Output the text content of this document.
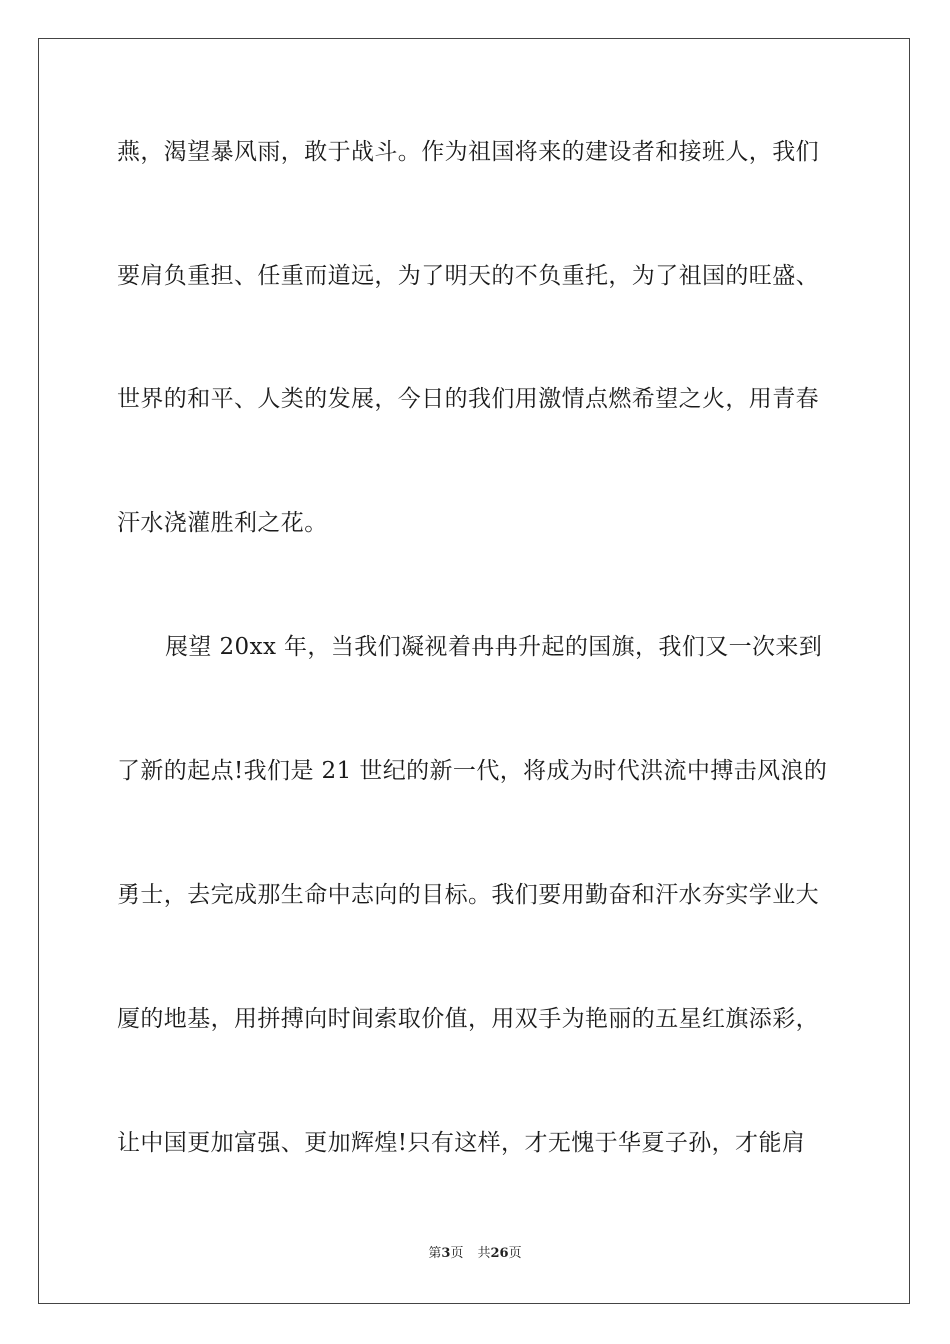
燕，渴望暴风雨，敢于战斗。作为祖国将来的建设者和接班人，我们
要肩负重担、任重而道远，为了明天的不负重托，为了祖国的旺盛、
世界的和平、人类的发展，今日的我们用激情点燃希望之火，用青春
汗水浇灌胜利之花。
展望 20xx 年，当我们凝视着冉冉升起的国旗，我们又一次来到
了新的起点!我们是 21 世纪的新一代，将成为时代洪流中搏击风浪的
勇士，去完成那生命中志向的目标。我们要用勤奋和汗水夯实学业大
厦的地基，用拼搏向时间索取价值，用双手为艳丽的五星红旗添彩，
让中国更加富强、更加辉煌!只有这样，才无愧于华夏子孙，才能肩
第3页 共26页
